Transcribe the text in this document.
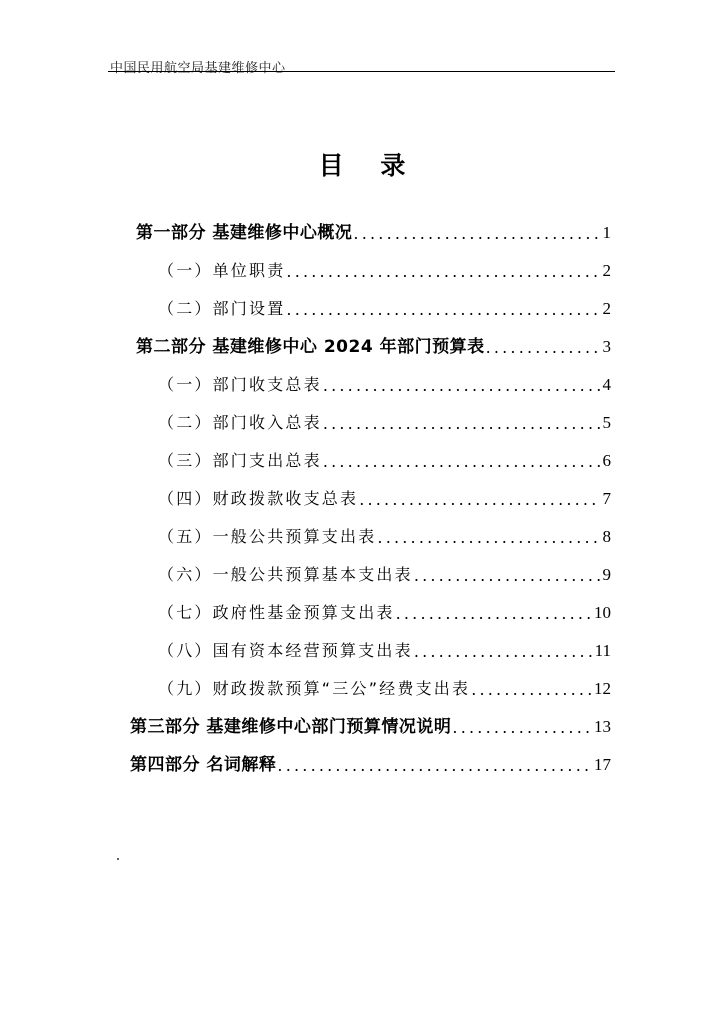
中国民用航空局基建维修中心
目 录
第一部分 基建维修中心概况 .....	1
（一）单位职责 .....	2
（二）部门设置 .....	2
第二部分 基建维修中心 2024 年部门预算表 .....	3
（一）部门收支总表 .....	4
（二）部门收入总表 .....	5
（三）部门支出总表 .....	6
（四）财政拨款收支总表 .....	7
（五）一般公共预算支出表 .....	8
（六）一般公共预算基本支出表 .....	9
（七）政府性基金预算支出表 .....	10
（八）国有资本经营预算支出表 .....	11
（九）财政拨款预算“三公”经费支出表 .....	12
第三部分 基建维修中心部门预算情况说明 .....	13
第四部分 名词解释 .....	17
